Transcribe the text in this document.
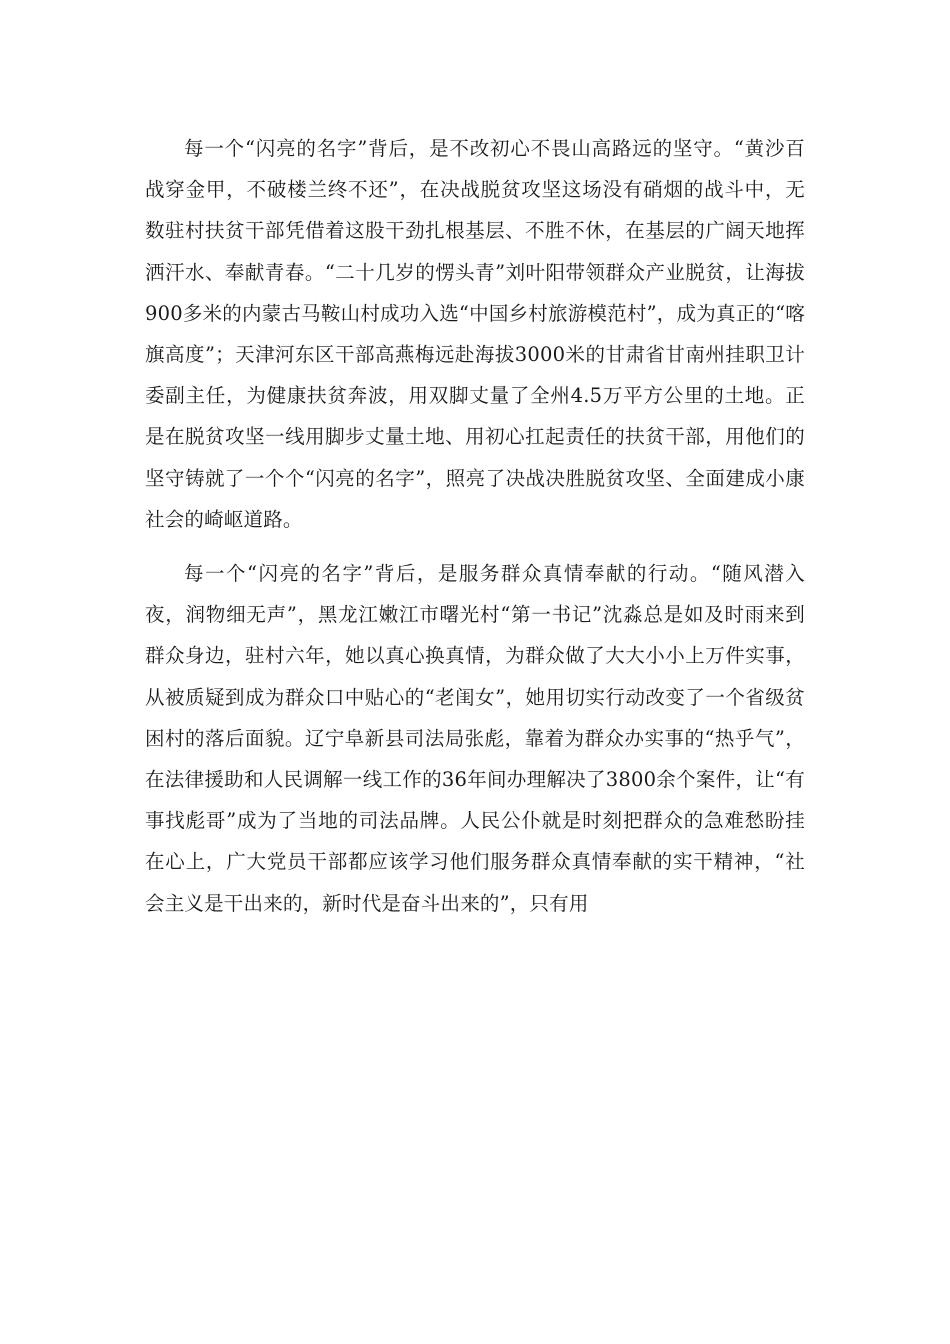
每一个“闪亮的名字”背后，是不改初心不畏山高路远的坚守。“黄沙百战穿金甲，不破楼兰终不还”，在决战脱贫攻坚这场没有硝烟的战斗中，无数驻村扶贫干部凭借着这股干劲扎根基层、不胜不休，在基层的广阔天地挥洒汗水、奉献青春。“二十几岁的愣头青”刘叶阳带领群众产业脱贫，让海拔900多米的内蒙古马鞍山村成功入选“中国乡村旅游模范村”，成为真正的“喀旗高度”；天津河东区干部高燕梅远赴海拔3000米的甘肃省甘南州挂职卫计委副主任，为健康扶贫奔波，用双脚丈量了全州4.5万平方公里的土地。正是在脱贫攻坚一线用脚步丈量土地、用初心扛起责任的扶贫干部，用他们的坚守铸就了一个个“闪亮的名字”，照亮了决战决胜脱贫攻坚、全面建成小康社会的崎岖道路。

每一个“闪亮的名字”背后，是服务群众真情奉献的行动。“随风潜入夜，润物细无声”，黑龙江嫩江市曙光村“第一书记”沈淼总是如及时雨来到群众身边，驻村六年，她以真心换真情，为群众做了大大小小上万件实事，从被质疑到成为群众口中贴心的“老闺女”，她用切实行动改变了一个省级贫困村的落后面貌。辽宁阜新县司法局张彪，靠着为群众办实事的“热乎气”，在法律援助和人民调解一线工作的36年间办理解决了3800余个案件，让“有事找彪哥”成为了当地的司法品牌。人民公仆就是时刻把群众的急难愁盼挂在心上，广大党员干部都应该学习他们服务群众真情奉献的实干精神，“社会主义是干出来的，新时代是奋斗出来的”，只有用
